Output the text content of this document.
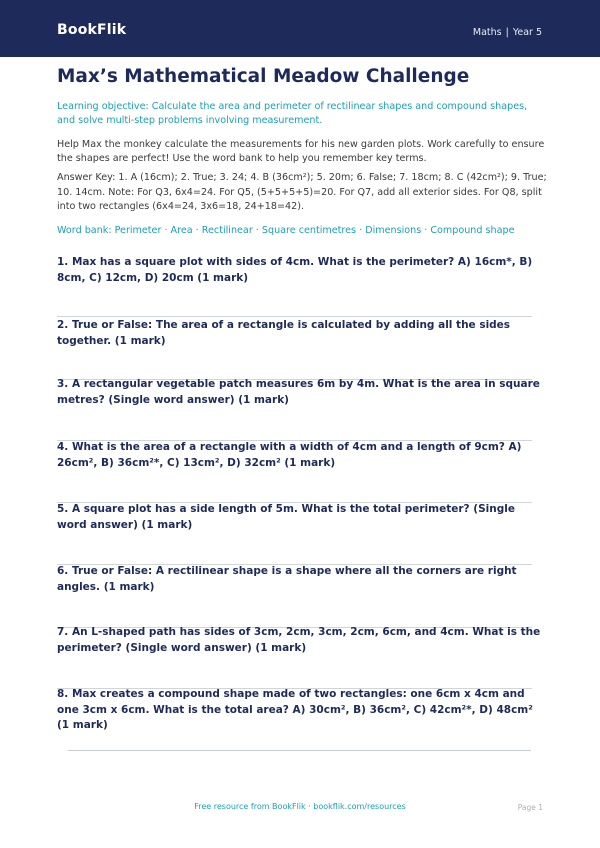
BookFlik	Maths | Year 5
Max’s Mathematical Meadow Challenge

Learning objective: Calculate the area and perimeter of rectilinear shapes and compound shapes, and solve multi-step problems involving measurement.

Help Max the monkey calculate the measurements for his new garden plots. Work carefully to ensure the shapes are perfect! Use the word bank to help you remember key terms.

Answer Key: 1. A (16cm); 2. True; 3. 24; 4. B (36cm²); 5. 20m; 6. False; 7. 18cm; 8. C (42cm²); 9. True; 10. 14cm. Note: For Q3, 6x4=24. For Q5, (5+5+5+5)=20. For Q7, add all exterior sides. For Q8, split into two rectangles (6x4=24, 3x6=18, 24+18=42).

Word bank: Perimeter · Area · Rectilinear · Square centimetres · Dimensions · Compound shape

1. Max has a square plot with sides of 4cm. What is the perimeter? A) 16cm*, B) 8cm, C) 12cm, D) 20cm (1 mark)

2. True or False: The area of a rectangle is calculated by adding all the sides together. (1 mark)

3. A rectangular vegetable patch measures 6m by 4m. What is the area in square metres? (Single word answer) (1 mark)

4. What is the area of a rectangle with a width of 4cm and a length of 9cm? A) 26cm², B) 36cm²*, C) 13cm², D) 32cm² (1 mark)

5. A square plot has a side length of 5m. What is the total perimeter? (Single word answer) (1 mark)

6. True or False: A rectilinear shape is a shape where all the corners are right angles. (1 mark)

7. An L-shaped path has sides of 3cm, 2cm, 3cm, 2cm, 6cm, and 4cm. What is the perimeter? (Single word answer) (1 mark)

8. Max creates a compound shape made of two rectangles: one 6cm x 4cm and one 3cm x 6cm. What is the total area? A) 30cm², B) 36cm², C) 42cm²*, D) 48cm² (1 mark)

Free resource from BookFlik · bookflik.com/resources	Page 1
